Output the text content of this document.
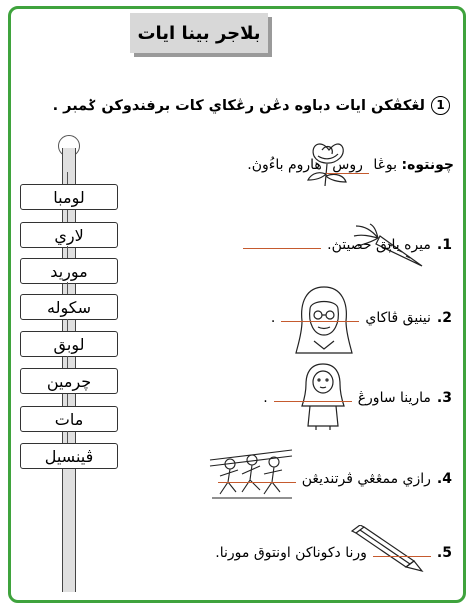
بلاجر بينا ايات
1
لڠكڤكن ايات دباوه دڠن رڠكاي كات برفندوكن ݢمبر .
چونتوه: بوڠا روس هاروم باءُوڽ.
لومبا
لاري
مورید
سكوله
لوبق
چرمين
مات
ڤينسيل
1.
ميره باپق حصيتڽ.
2.
نينيق ڤاكاي
.
3.
مارينا ساورڠ
.
4.
رازي ممڠڠي ڤرتنديڠن
5.
ورنا دكوناكن اونتوق مورنا.
